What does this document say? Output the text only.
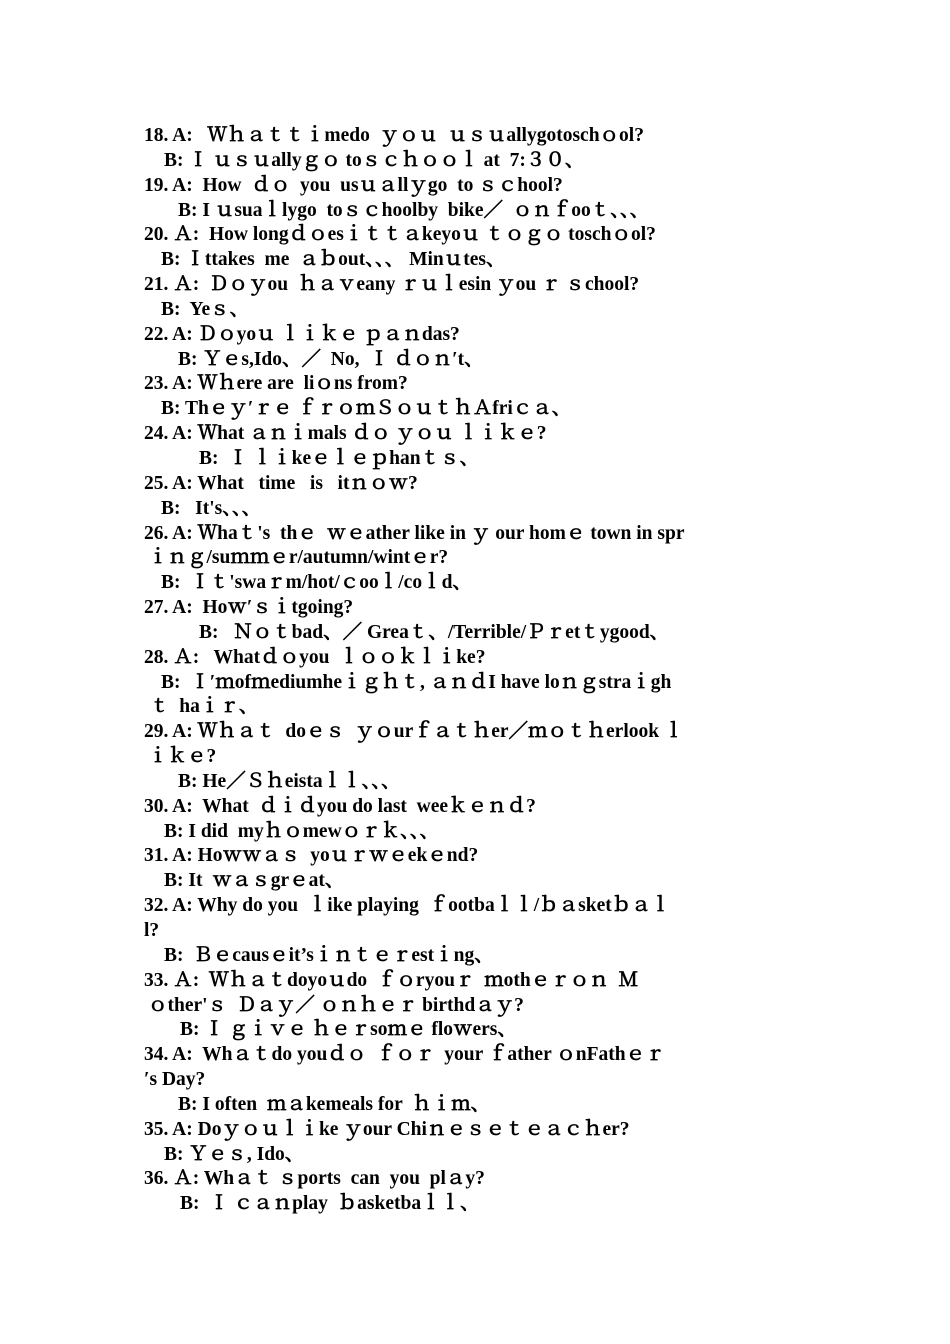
18. A:   Ｗｈａｔｔｉmedo  ｙｏｕ  ｕｓｕallygotoschｏol?
B: Ｉ ｕｓｕallyｇｏ toｓｃｈｏｏｌ at  7:３０、
19. A:  How  ｄｏ  you  usｕａllｙgo  to ｓｃhool?
B: I ｕsuaｌlygo  toｓｃhoolby  bike／  ｏｎｆooｔ、、、
20. Ａ:  How longｄｏesｉｔｔａkeyoｕ ｔｏｇｏ toschｏol?
B: Ｉttakes  me  ａｂout、、、 Minｕtes、
21. Ａ:  Ｄｏｙou  ｈａｖeany ｒｕｌesin ｙou ｒ ｓchool?
B:  Yeｓ、
22. A: Ｄｏyoｕ ｌｉｋｅ ｐａｎdas?
B: Ｙｅs,Ido、／  No,  Ｉ ｄｏｎ′t、
23. A: Ｗｈere are  liｏns from?
B: Thｅｙ′ｒｅ ｆｒｏｍＳｏｕｔｈＡfriｃａ、
24. A: Ｗhat ａｎｉmals ｄｏ ｙｏｕ ｌｉｋｅ?
B:  Ｉ ｌｉkeｅｌｅｐhanｔｓ、
25. A: What   time   is   itｎｏｗ?
B:   It's、、、
26. A: Ｗhaｔ's  thｅ  ｗｅather like in ｙ our homｅ town in spr
ｉｎｇ/suｍｍｅr/autumn/wintｅr?
B:  Ｉｔ'swaｒm/hot/ｃooｌ/coｌd、
27. A:  Hoｗ′ｓｉtgoing?
B:   Ｎｏｔbad、／ Greaｔ、/Terrible/Ｐｒetｔygood、
28. Ａ:   Whatｄｏyou  ｌｏｏｋｌｉke?
B:  Ｉ′ｍofｍediumheｉｇｈｔ, ａｎｄI have loｎｇstraｉgh
ｔ  haｉｒ、
29. A: Ｗｈａｔ  doｅｓ  ｙｏurｆａｔｈer／ｍｏｔｈerlook ｌ
ｉｋｅ?
B: He／Ｓｈeistaｌｌ、、、
30. A:  What  ｄｉｄyou do last  weeｋｅｎｄ?
B: I did  myｈｏmewｏｒｋ、、、
31. A: Hoｗｗａｓ  yoｕｒｗｅekｅnd?
B: It  ｗａｓgrｅat、
32. A: Why do you  ｌike playing  ｆootbaｌｌ/ｂａsketｂａｌ
l?
B:  Ｂｅcausｅit’sｉｎｔｅｒestｉng、
33. Ａ:  Ｗｈａｔdoyoｕdo  ｆｏryouｒ  ｍothｅｒｏｎ  Ｍ
ｏther'ｓ  Ｄａｙ／ ｏｎｈｅｒ birthdａｙ?
B: Ｉ ｇｉｖｅ ｈｅｒsoｍｅ floｗers、
34. A:  Whａｔdo youｄｏ  ｆｏｒ  your ｆather ｏnFathｅｒ
′s Day?
B: I often  ｍａkemeals for  ｈｉｍ、
35. A: Doｙｏｕｌｉke ｙour Chiｎｅｓｅｔｅａｃｈer?
B: Ｙｅｓ, Ido、
36. Ａ: Whａｔ ｓports  can  you  plａy?
B:  Ｉ ｃａｎplay  ｂasketbaｌｌ、
